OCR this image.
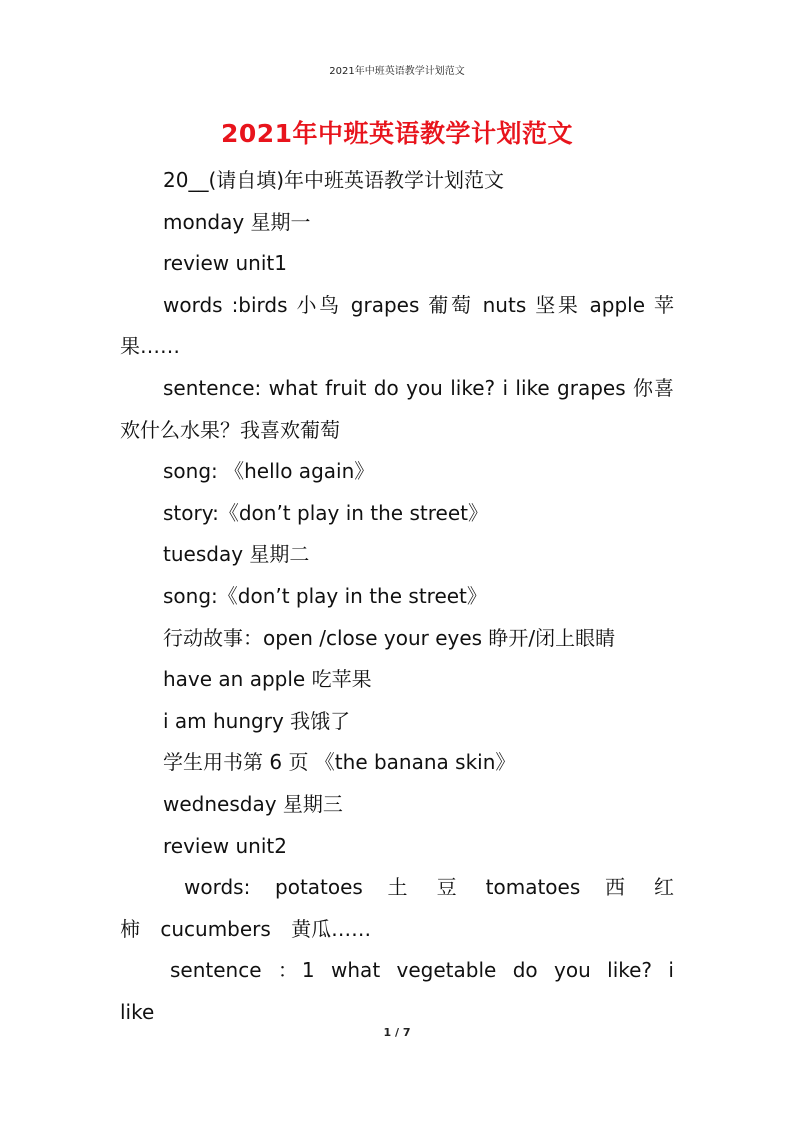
2021年中班英语教学计划范文
2021年中班英语教学计划范文

20__(请自填)年中班英语教学计划范文

monday 星期一

review unit1

words :birds 小鸟 grapes 葡萄 nuts 坚果 apple 苹果……

sentence: what fruit do you like? i like grapes 你喜欢什么水果？我喜欢葡萄

song: 《hello again》

story:《don’t play in the street》

tuesday 星期二

song:《don’t play in the street》

行动故事：open /close your eyes 睁开/闭上眼睛

have an apple 吃苹果

i am hungry 我饿了

学生用书第 6 页 《the banana skin》

wednesday 星期三

review unit2

words: potatoes 土 豆 tomatoes 西 红 柿 cucumbers 黄瓜……

sentence ：1 what vegetable do you like? i like

1 / 7
